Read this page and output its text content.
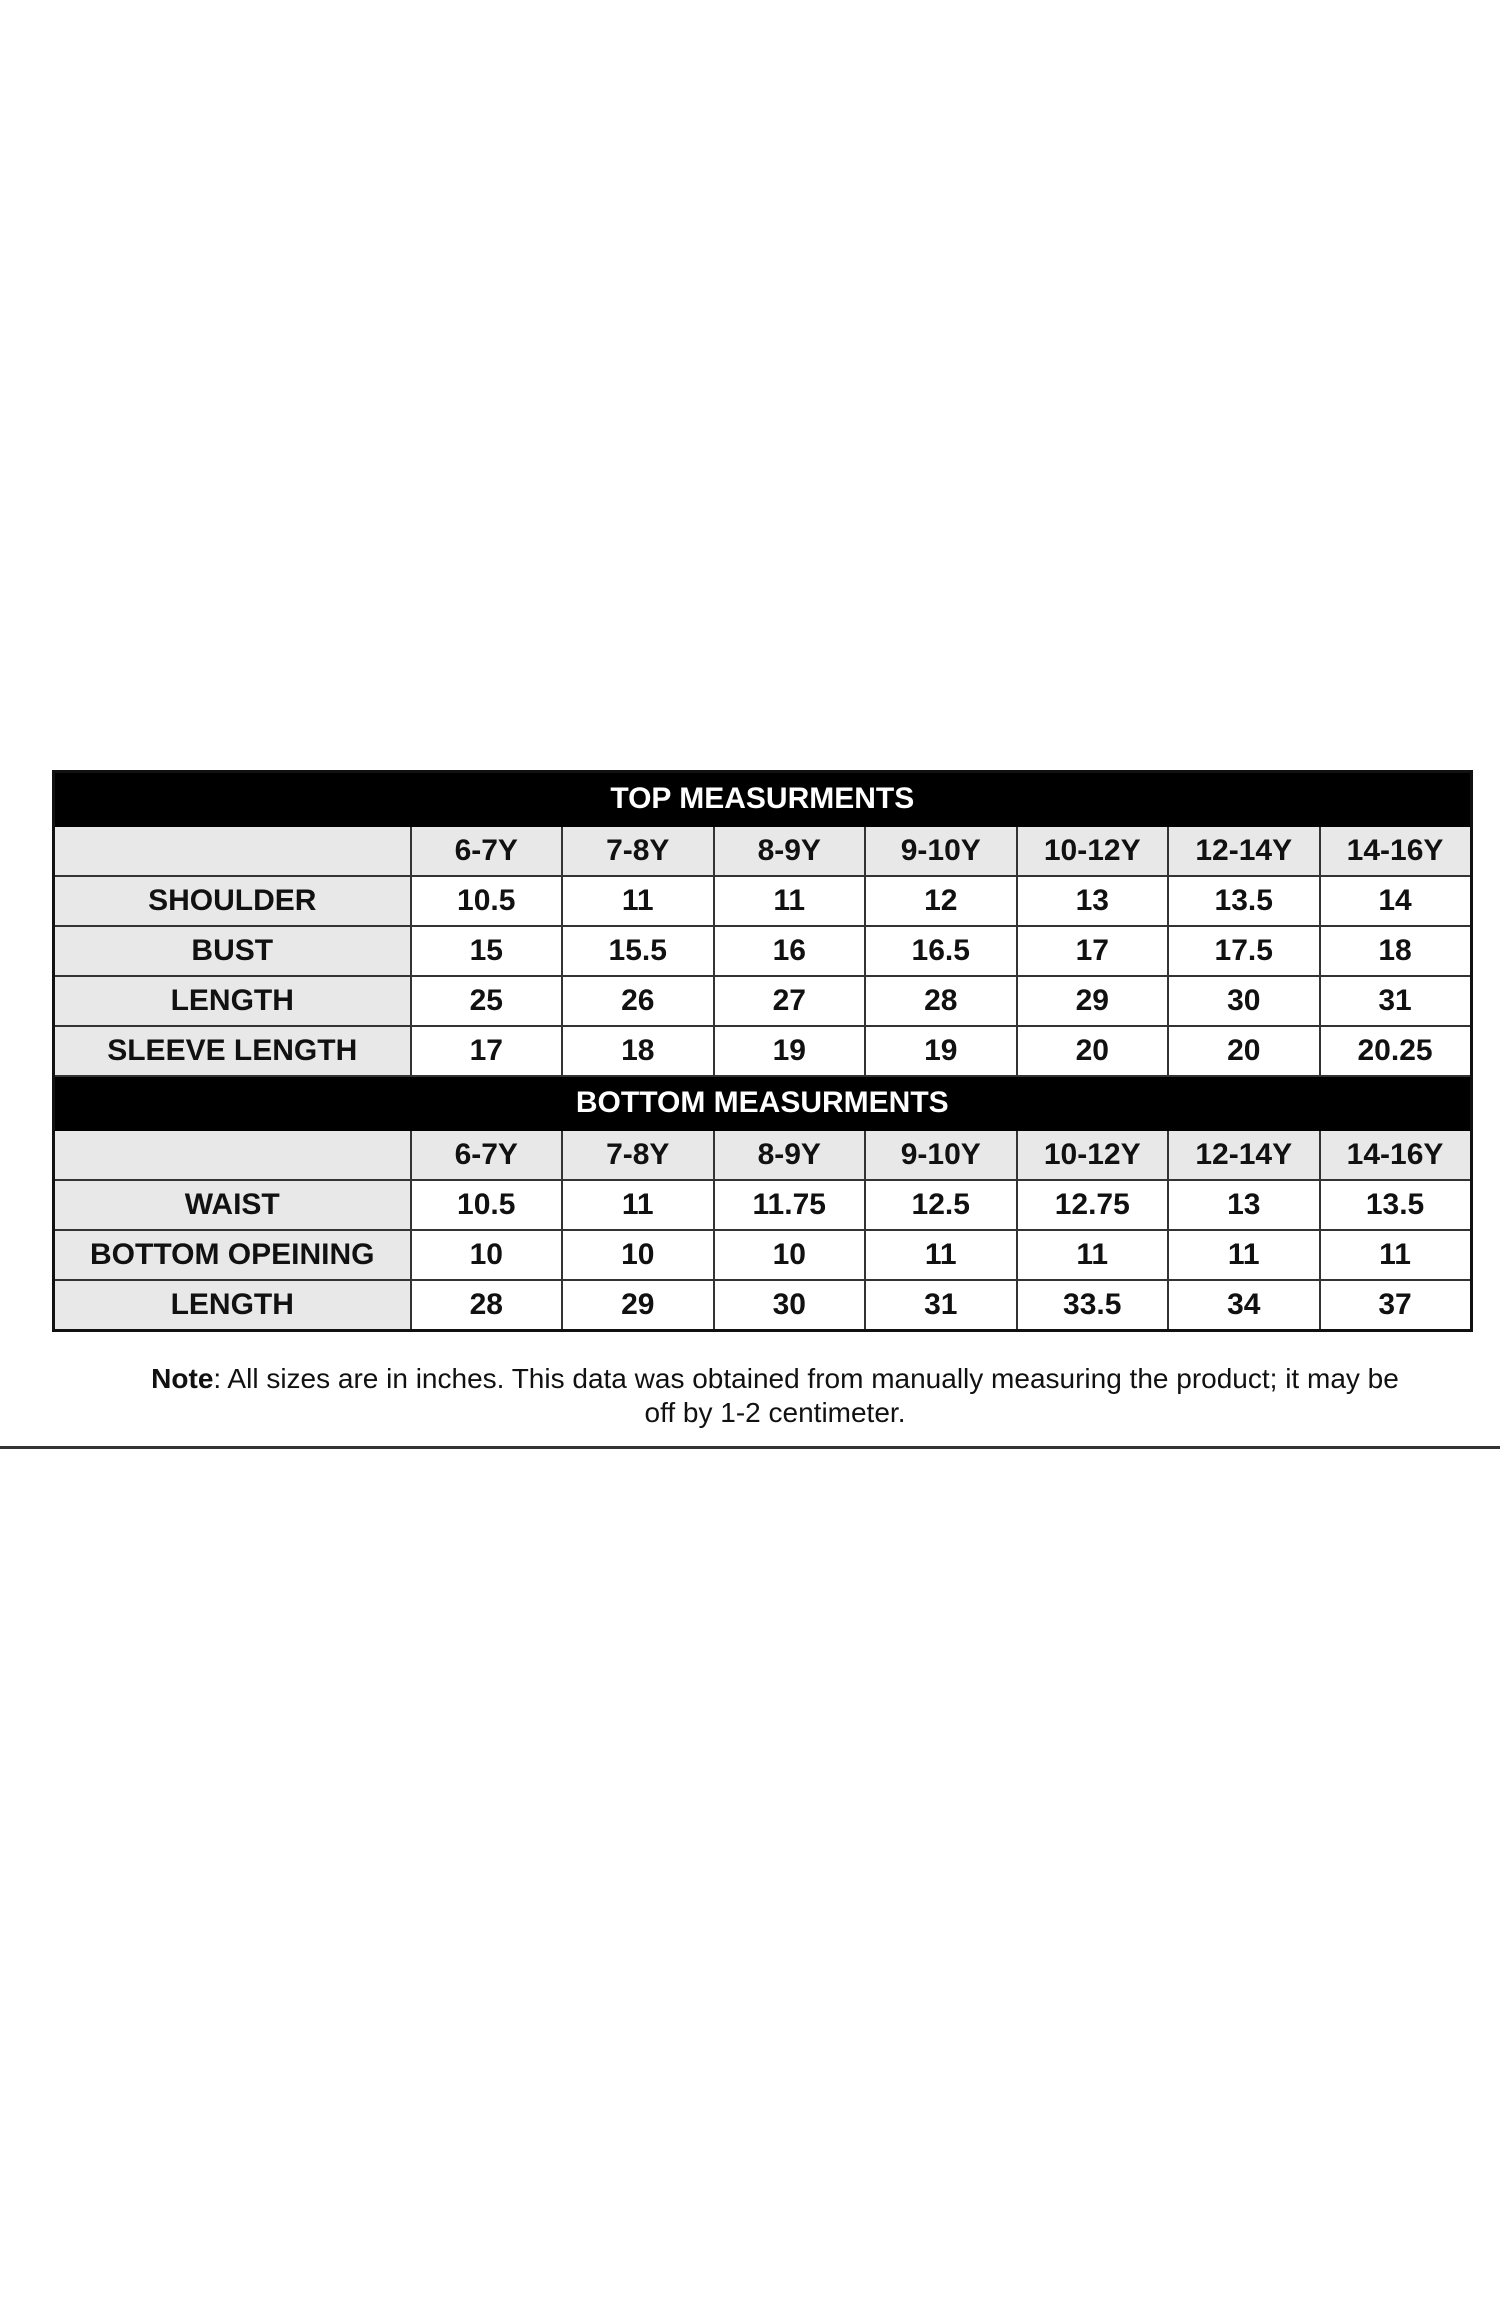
TOP MEASURMENTS							
	6-7Y	7-8Y	8-9Y	9-10Y	10-12Y	12-14Y	14-16Y
SHOULDER	10.5	11	11	12	13	13.5	14
BUST	15	15.5	16	16.5	17	17.5	18
LENGTH	25	26	27	28	29	30	31
SLEEVE LENGTH	17	18	19	19	20	20	20.25
BOTTOM MEASURMENTS							
	6-7Y	7-8Y	8-9Y	9-10Y	10-12Y	12-14Y	14-16Y
WAIST	10.5	11	11.75	12.5	12.75	13	13.5
BOTTOM OPEINING	10	10	10	11	11	11	11
LENGTH	28	29	30	31	33.5	34	37
Note: All sizes are in inches. This data was obtained from manually measuring the product; it may be off by 1-2 centimeter.
